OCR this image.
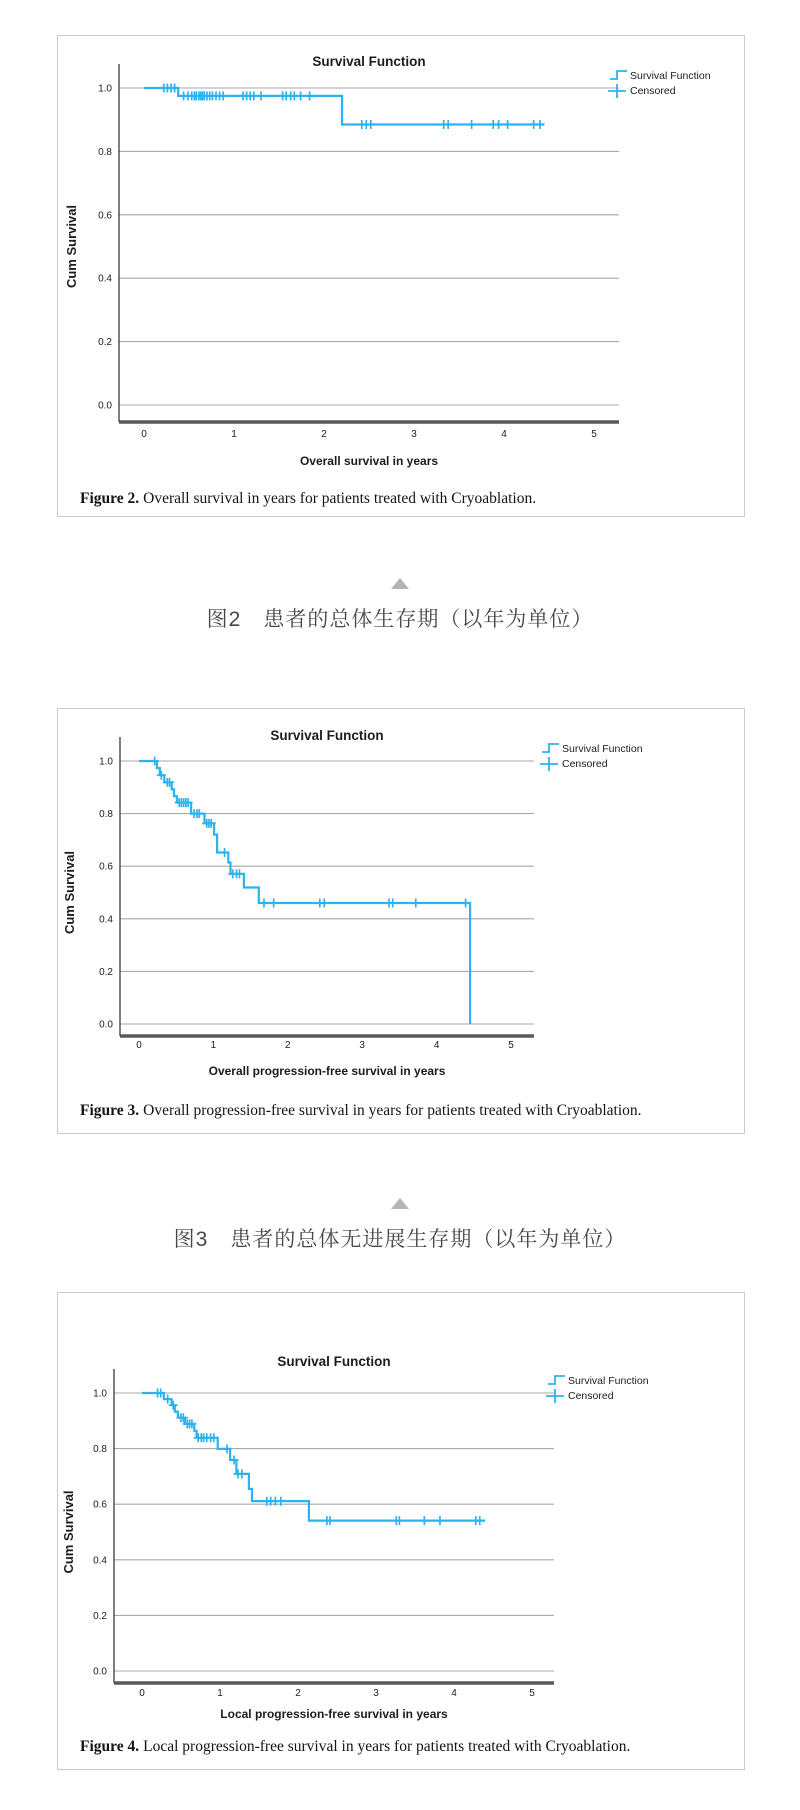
0.0
0.2
0.4
0.6
0.8
1.0
0	1	2	3	4	5
Survival Function
Overall survival in years
Cum Survival
Survival Function
Censored

Figure 2. Overall survival in years for patients treated with Cryoablation.

图2　患者的总体生存期（以年为单位）
0.0
0.2
0.4
0.6
0.8
1.0
0	1	2	3	4	5
Survival Function
Overall progression-free survival in years
Cum Survival
Survival Function
Censored

Figure 3. Overall progression-free survival in years for patients treated with Cryoablation.

图3　患者的总体无进展生存期（以年为单位）
0.0
0.2
0.4
0.6
0.8
1.0
0	1	2	3	4	5
Survival Function
Local progression-free survival in years
Cum Survival
Survival Function
Censored

Figure 4. Local progression-free survival in years for patients treated with Cryoablation.
